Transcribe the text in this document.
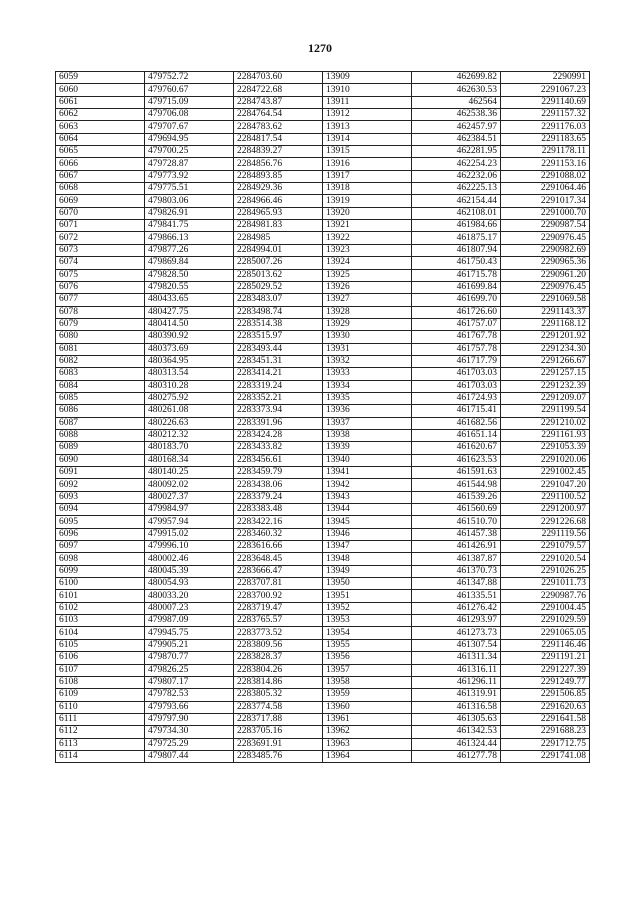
1270
6059	479752.72	2284703.60	13909	462699.82	2290991
6060	479760.67	2284722.68	13910	462630.53	2291067.23
6061	479715.09	2284743.87	13911	462564	2291140.69
6062	479706.08	2284764.54	13912	462538.36	2291157.32
6063	479707.67	2284783.62	13913	462457.97	2291176.03
6064	479694.95	2284817.54	13914	462384.51	2291183.65
6065	479700.25	2284839.27	13915	462281.95	2291178.11
6066	479728.87	2284856.76	13916	462254.23	2291153.16
6067	479773.92	2284893.85	13917	462232.06	2291088.02
6068	479775.51	2284929.36	13918	462225.13	2291064.46
6069	479803.06	2284966.46	13919	462154.44	2291017.34
6070	479826.91	2284965.93	13920	462108.01	2291000.70
6071	479841.75	2284981.83	13921	461984.66	2290987.54
6072	479866.13	2284985	13922	461875.17	2290976.45
6073	479877.26	2284994.01	13923	461807.94	2290982.69
6074	479869.84	2285007.26	13924	461750.43	2290965.36
6075	479828.50	2285013.62	13925	461715.78	2290961.20
6076	479820.55	2285029.52	13926	461699.84	2290976.45
6077	480433.65	2283483.07	13927	461699.70	2291069.58
6078	480427.75	2283498.74	13928	461726.60	2291143.37
6079	480414.50	2283514.38	13929	461757.07	2291168.12
6080	480390.92	2283515.97	13930	461767.78	2291201.92
6081	480373.69	2283493.44	13931	461757.78	2291234.30
6082	480364.95	2283451.31	13932	461717.79	2291266.67
6083	480313.54	2283414.21	13933	461703.03	2291257.15
6084	480310.28	2283319.24	13934	461703.03	2291232.39
6085	480275.92	2283352.21	13935	461724.93	2291209.07
6086	480261.08	2283373.94	13936	461715.41	2291199.54
6087	480226.63	2283391.96	13937	461682.56	2291210.02
6088	480212.32	2283424.28	13938	461651.14	2291161.93
6089	480183.70	2283433.82	13939	461620.67	2291053.39
6090	480168.34	2283456.61	13940	461623.53	2291020.06
6091	480140.25	2283459.79	13941	461591.63	2291002.45
6092	480092.02	2283438.06	13942	461544.98	2291047.20
6093	480027.37	2283379.24	13943	461539.26	2291100.52
6094	479984.97	2283383.48	13944	461560.69	2291200.97
6095	479957.94	2283422.16	13945	461510.70	2291226.68
6096	479915.02	2283460.32	13946	461457.38	2291119.56
6097	479996.10	2283616.66	13947	461426.91	2291079.57
6098	480002.46	2283648.45	13948	461387.87	2291020.54
6099	480045.39	2283666.47	13949	461370.73	2291026.25
6100	480054.93	2283707.81	13950	461347.88	2291011.73
6101	480033.20	2283700.92	13951	461335.51	2290987.76
6102	480007.23	2283719.47	13952	461276.42	2291004.45
6103	479987.09	2283765.57	13953	461293.97	2291029.59
6104	479945.75	2283773.52	13954	461273.73	2291065.05
6105	479905.21	2283809.56	13955	461307.54	2291146.46
6106	479870.77	2283828.37	13956	461311.34	2291191.21
6107	479826.25	2283804.26	13957	461316.11	2291227.39
6108	479807.17	2283814.86	13958	461296.11	2291249.77
6109	479782.53	2283805.32	13959	461319.91	2291506.85
6110	479793.66	2283774.58	13960	461316.58	2291620.63
6111	479797.90	2283717.88	13961	461305.63	2291641.58
6112	479734.30	2283705.16	13962	461342.53	2291688.23
6113	479725.29	2283691.91	13963	461324.44	2291712.75
6114	479807.44	2283485.76	13964	461277.78	2291741.08
